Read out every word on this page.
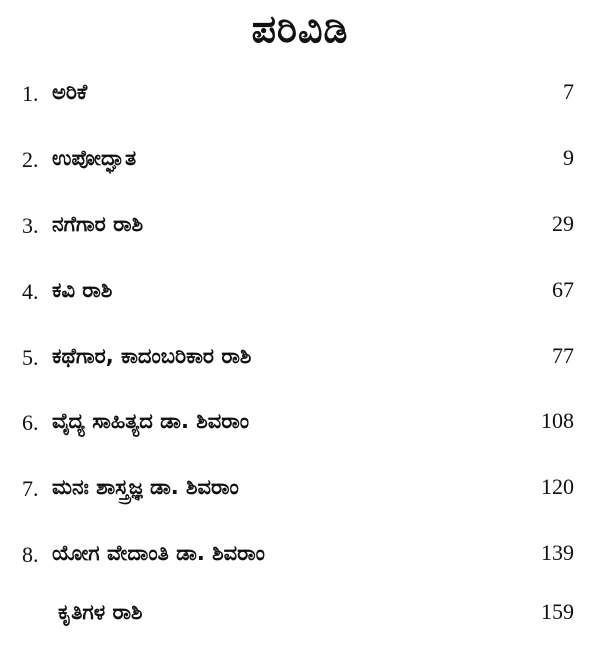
ಪರಿವಿಡಿ
1. ಅರಿಕೆ	7
2. ಉಪೋದ್ಘಾತ	9
3. ನಗೆಗಾರ ರಾಶಿ	29
4. ಕವಿ ರಾಶಿ	67
5. ಕಥೆಗಾರ, ಕಾದಂಬರಿಕಾರ ರಾಶಿ	77
6. ವೈದ್ಯ ಸಾಹಿತ್ಯದ ಡಾ. ಶಿವರಾಂ	108
7. ಮನಃ ಶಾಸ್ತ್ರಜ್ಞ ಡಾ. ಶಿವರಾಂ	120
8. ಯೋಗ ವೇದಾಂತಿ ಡಾ. ಶಿವರಾಂ	139
ಕೃತಿಗಳ ರಾಶಿ	159
